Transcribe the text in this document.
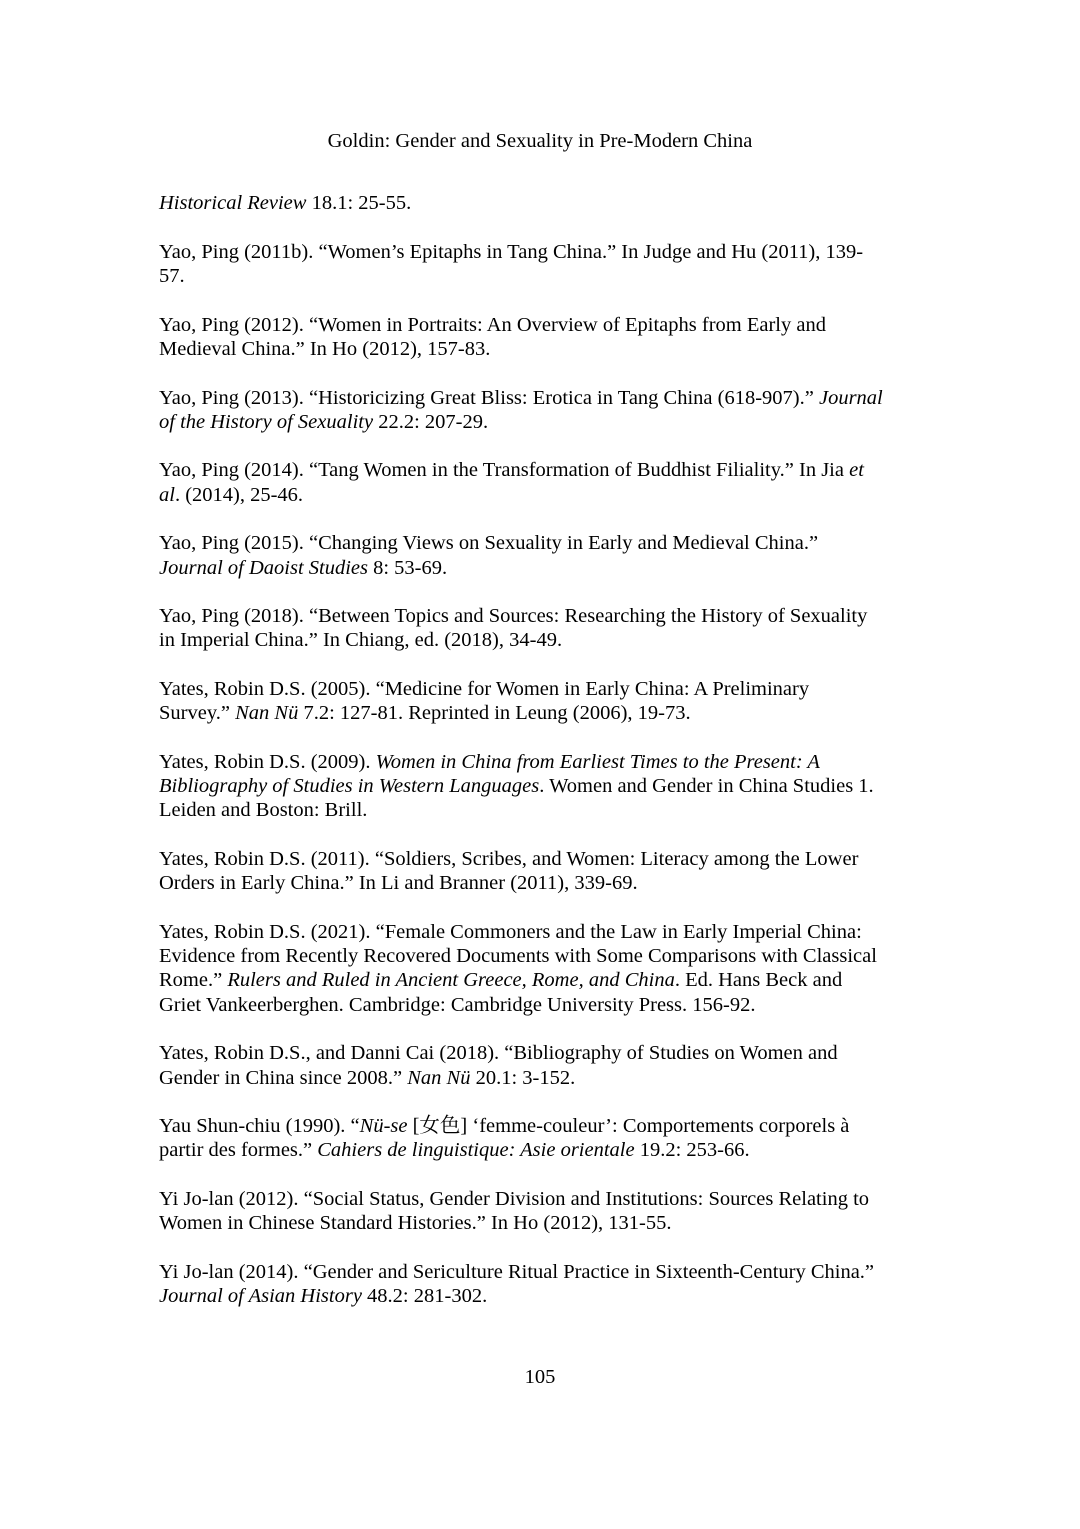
Goldin: Gender and Sexuality in Pre-Modern China

Historical Review 18.1: 25-55.

Yao, Ping (2011b). “Women’s Epitaphs in Tang China.” In Judge and Hu (2011), 139-
57.

Yao, Ping (2012). “Women in Portraits: An Overview of Epitaphs from Early and
Medieval China.” In Ho (2012), 157-83.

Yao, Ping (2013). “Historicizing Great Bliss: Erotica in Tang China (618-907).” Journal
of the History of Sexuality 22.2: 207-29.

Yao, Ping (2014). “Tang Women in the Transformation of Buddhist Filiality.” In Jia et
al. (2014), 25-46.

Yao, Ping (2015). “Changing Views on Sexuality in Early and Medieval China.”
Journal of Daoist Studies 8: 53-69.

Yao, Ping (2018). “Between Topics and Sources: Researching the History of Sexuality
in Imperial China.” In Chiang, ed. (2018), 34-49.

Yates, Robin D.S. (2005). “Medicine for Women in Early China: A Preliminary
Survey.” Nan Nü 7.2: 127-81. Reprinted in Leung (2006), 19-73.

Yates, Robin D.S. (2009). Women in China from Earliest Times to the Present: A
Bibliography of Studies in Western Languages. Women and Gender in China Studies 1.
Leiden and Boston: Brill.

Yates, Robin D.S. (2011). “Soldiers, Scribes, and Women: Literacy among the Lower
Orders in Early China.” In Li and Branner (2011), 339-69.

Yates, Robin D.S. (2021). “Female Commoners and the Law in Early Imperial China:
Evidence from Recently Recovered Documents with Some Comparisons with Classical
Rome.” Rulers and Ruled in Ancient Greece, Rome, and China. Ed. Hans Beck and
Griet Vankeerberghen. Cambridge: Cambridge University Press. 156-92.

Yates, Robin D.S., and Danni Cai (2018). “Bibliography of Studies on Women and
Gender in China since 2008.” Nan Nü 20.1: 3-152.

Yau Shun-chiu (1990). “Nü-se [女色] ‘femme-couleur’: Comportements corporels à
partir des formes.” Cahiers de linguistique: Asie orientale 19.2: 253-66.

Yi Jo-lan (2012). “Social Status, Gender Division and Institutions: Sources Relating to
Women in Chinese Standard Histories.” In Ho (2012), 131-55.

Yi Jo-lan (2014). “Gender and Sericulture Ritual Practice in Sixteenth-Century China.”
Journal of Asian History 48.2: 281-302.

105
